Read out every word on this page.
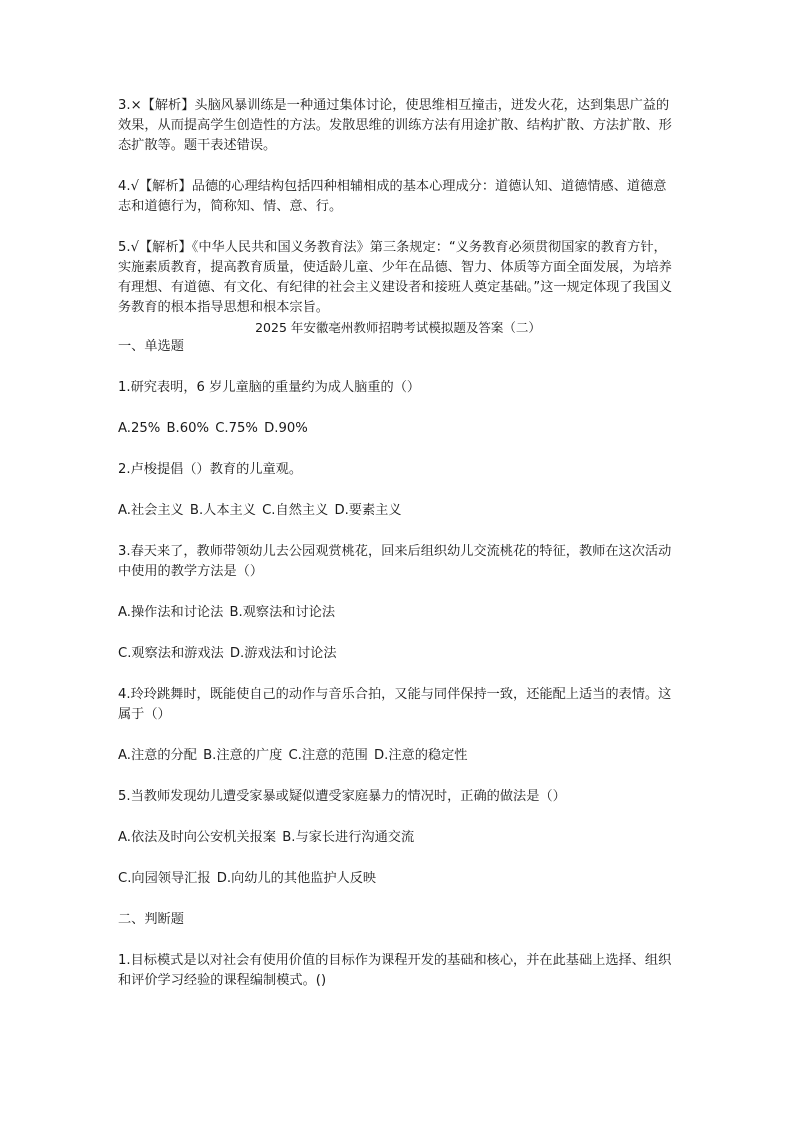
3.×【解析】头脑风暴训练是一种通过集体讨论，使思维相互撞击，迸发火花，达到集思广益的效果，从而提高学生创造性的方法。发散思维的训练方法有用途扩散、结构扩散、方法扩散、形态扩散等。题干表述错误。

4.√【解析】品德的心理结构包括四种相辅相成的基本心理成分：道德认知、道德情感、道德意志和道德行为，简称知、情、意、行。

5.√【解析】《中华人民共和国义务教育法》第三条规定：“义务教育必须贯彻国家的教育方针，实施素质教育，提高教育质量，使适龄儿童、少年在品德、智力、体质等方面全面发展，为培养有理想、有道德、有文化、有纪律的社会主义建设者和接班人奠定基础。”这一规定体现了我国义务教育的根本指导思想和根本宗旨。

2025 年安徽亳州教师招聘考试模拟题及答案（二）

一、单选题

1.研究表明，6 岁儿童脑的重量约为成人脑重的（）

A.25% B.60% C.75% D.90%

2.卢梭提倡（）教育的儿童观。

A.社会主义 B.人本主义 C.自然主义 D.要素主义

3.春天来了，教师带领幼儿去公园观赏桃花，回来后组织幼儿交流桃花的特征，教师在这次活动中使用的教学方法是（）

A.操作法和讨论法 B.观察法和讨论法

C.观察法和游戏法 D.游戏法和讨论法

4.玲玲跳舞时，既能使自己的动作与音乐合拍，又能与同伴保持一致，还能配上适当的表情。这属于（）

A.注意的分配 B.注意的广度 C.注意的范围 D.注意的稳定性

5.当教师发现幼儿遭受家暴或疑似遭受家庭暴力的情况时，正确的做法是（）

A.依法及时向公安机关报案 B.与家长进行沟通交流

C.向园领导汇报 D.向幼儿的其他监护人反映

二、判断题

1.目标模式是以对社会有使用价值的目标作为课程开发的基础和核心，并在此基础上选择、组织和评价学习经验的课程编制模式。()
